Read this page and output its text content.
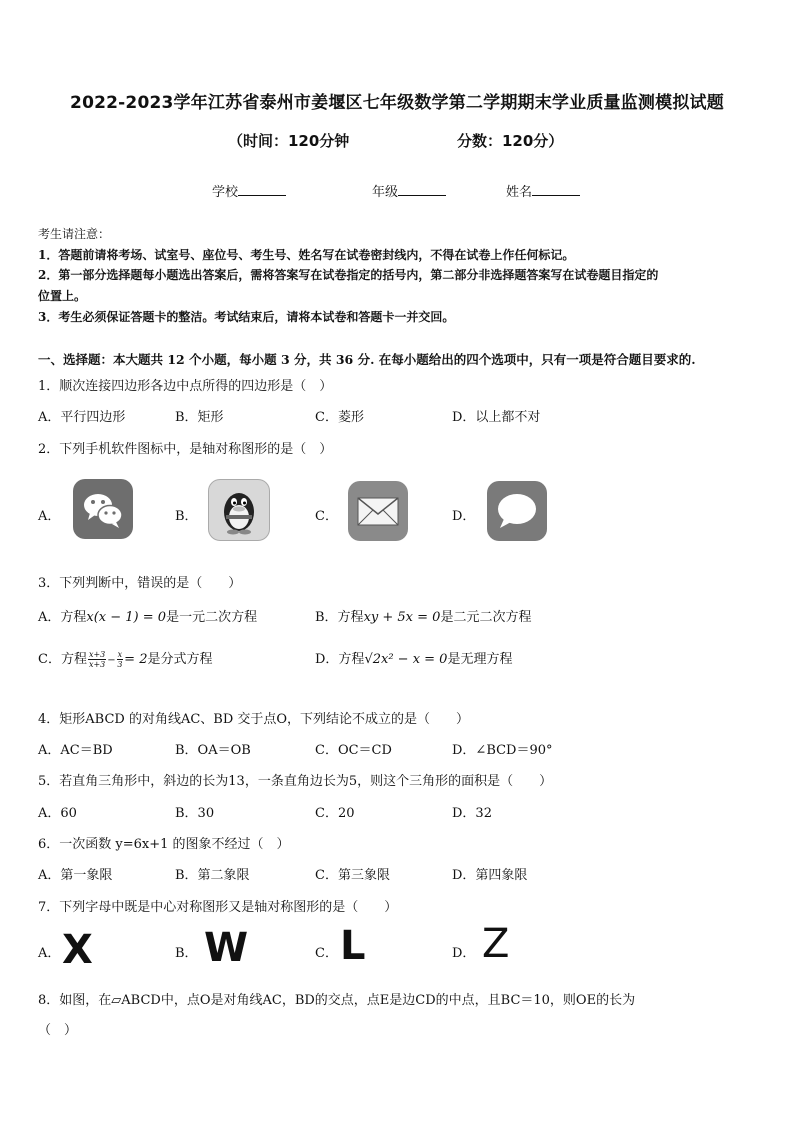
2022-2023学年江苏省泰州市姜堰区七年级数学第二学期期末学业质量监测模拟试题
（时间：120分钟	分数：120分）
学校	年级	姓名
考生请注意：
1．答题前请将考场、试室号、座位号、考生号、姓名写在试卷密封线内，不得在试卷上作任何标记。
2．第一部分选择题每小题选出答案后，需将答案写在试卷指定的括号内，第二部分非选择题答案写在试卷题目指定的
位置上。
3．考生必须保证答题卡的整洁。考试结束后，请将本试卷和答题卡一并交回。
一、选择题：本大题共 12 个小题，每小题 3 分，共 36 分. 在每小题给出的四个选项中，只有一项是符合题目要求的.
1．顺次连接四边形各边中点所得的四边形是（　）
A．平行四边形	B．矩形	C．菱形	D．以上都不对
2．下列手机软件图标中，是轴对称图形的是（　）
A．	B．	C．	D．
3．下列判断中，错误的是（　　）
A．方程x(x − 1) = 0是一元二次方程	B．方程xy + 5x = 0是二元二次方程
C．方程 $\frac{x+3}{x+3} - \frac{x}{3} = 2$是分式方程	D．方程√2x² − x = 0是无理方程
4．矩形ABCD 的对角线AC、BD 交于点O，下列结论不成立的是（　　）
A．AC＝BD	B．OA＝OB	C．OC＝CD	D．∠BCD＝90°
5．若直角三角形中，斜边的长为13，一条直角边长为5，则这个三角形的面积是（　　）
A．60	B．30	C．20	D．32
6．一次函数 y=6x+1 的图象不经过（　）
A．第一象限	B．第二象限	C．第三象限	D．第四象限
7．下列字母中既是中心对称图形又是轴对称图形的是（　　）
A． X	B． W	C． L	D． Z
8．如图，在▱ABCD中，点O是对角线AC，BD的交点，点E是边CD的中点，且BC＝10，则OE的长为
（　）
